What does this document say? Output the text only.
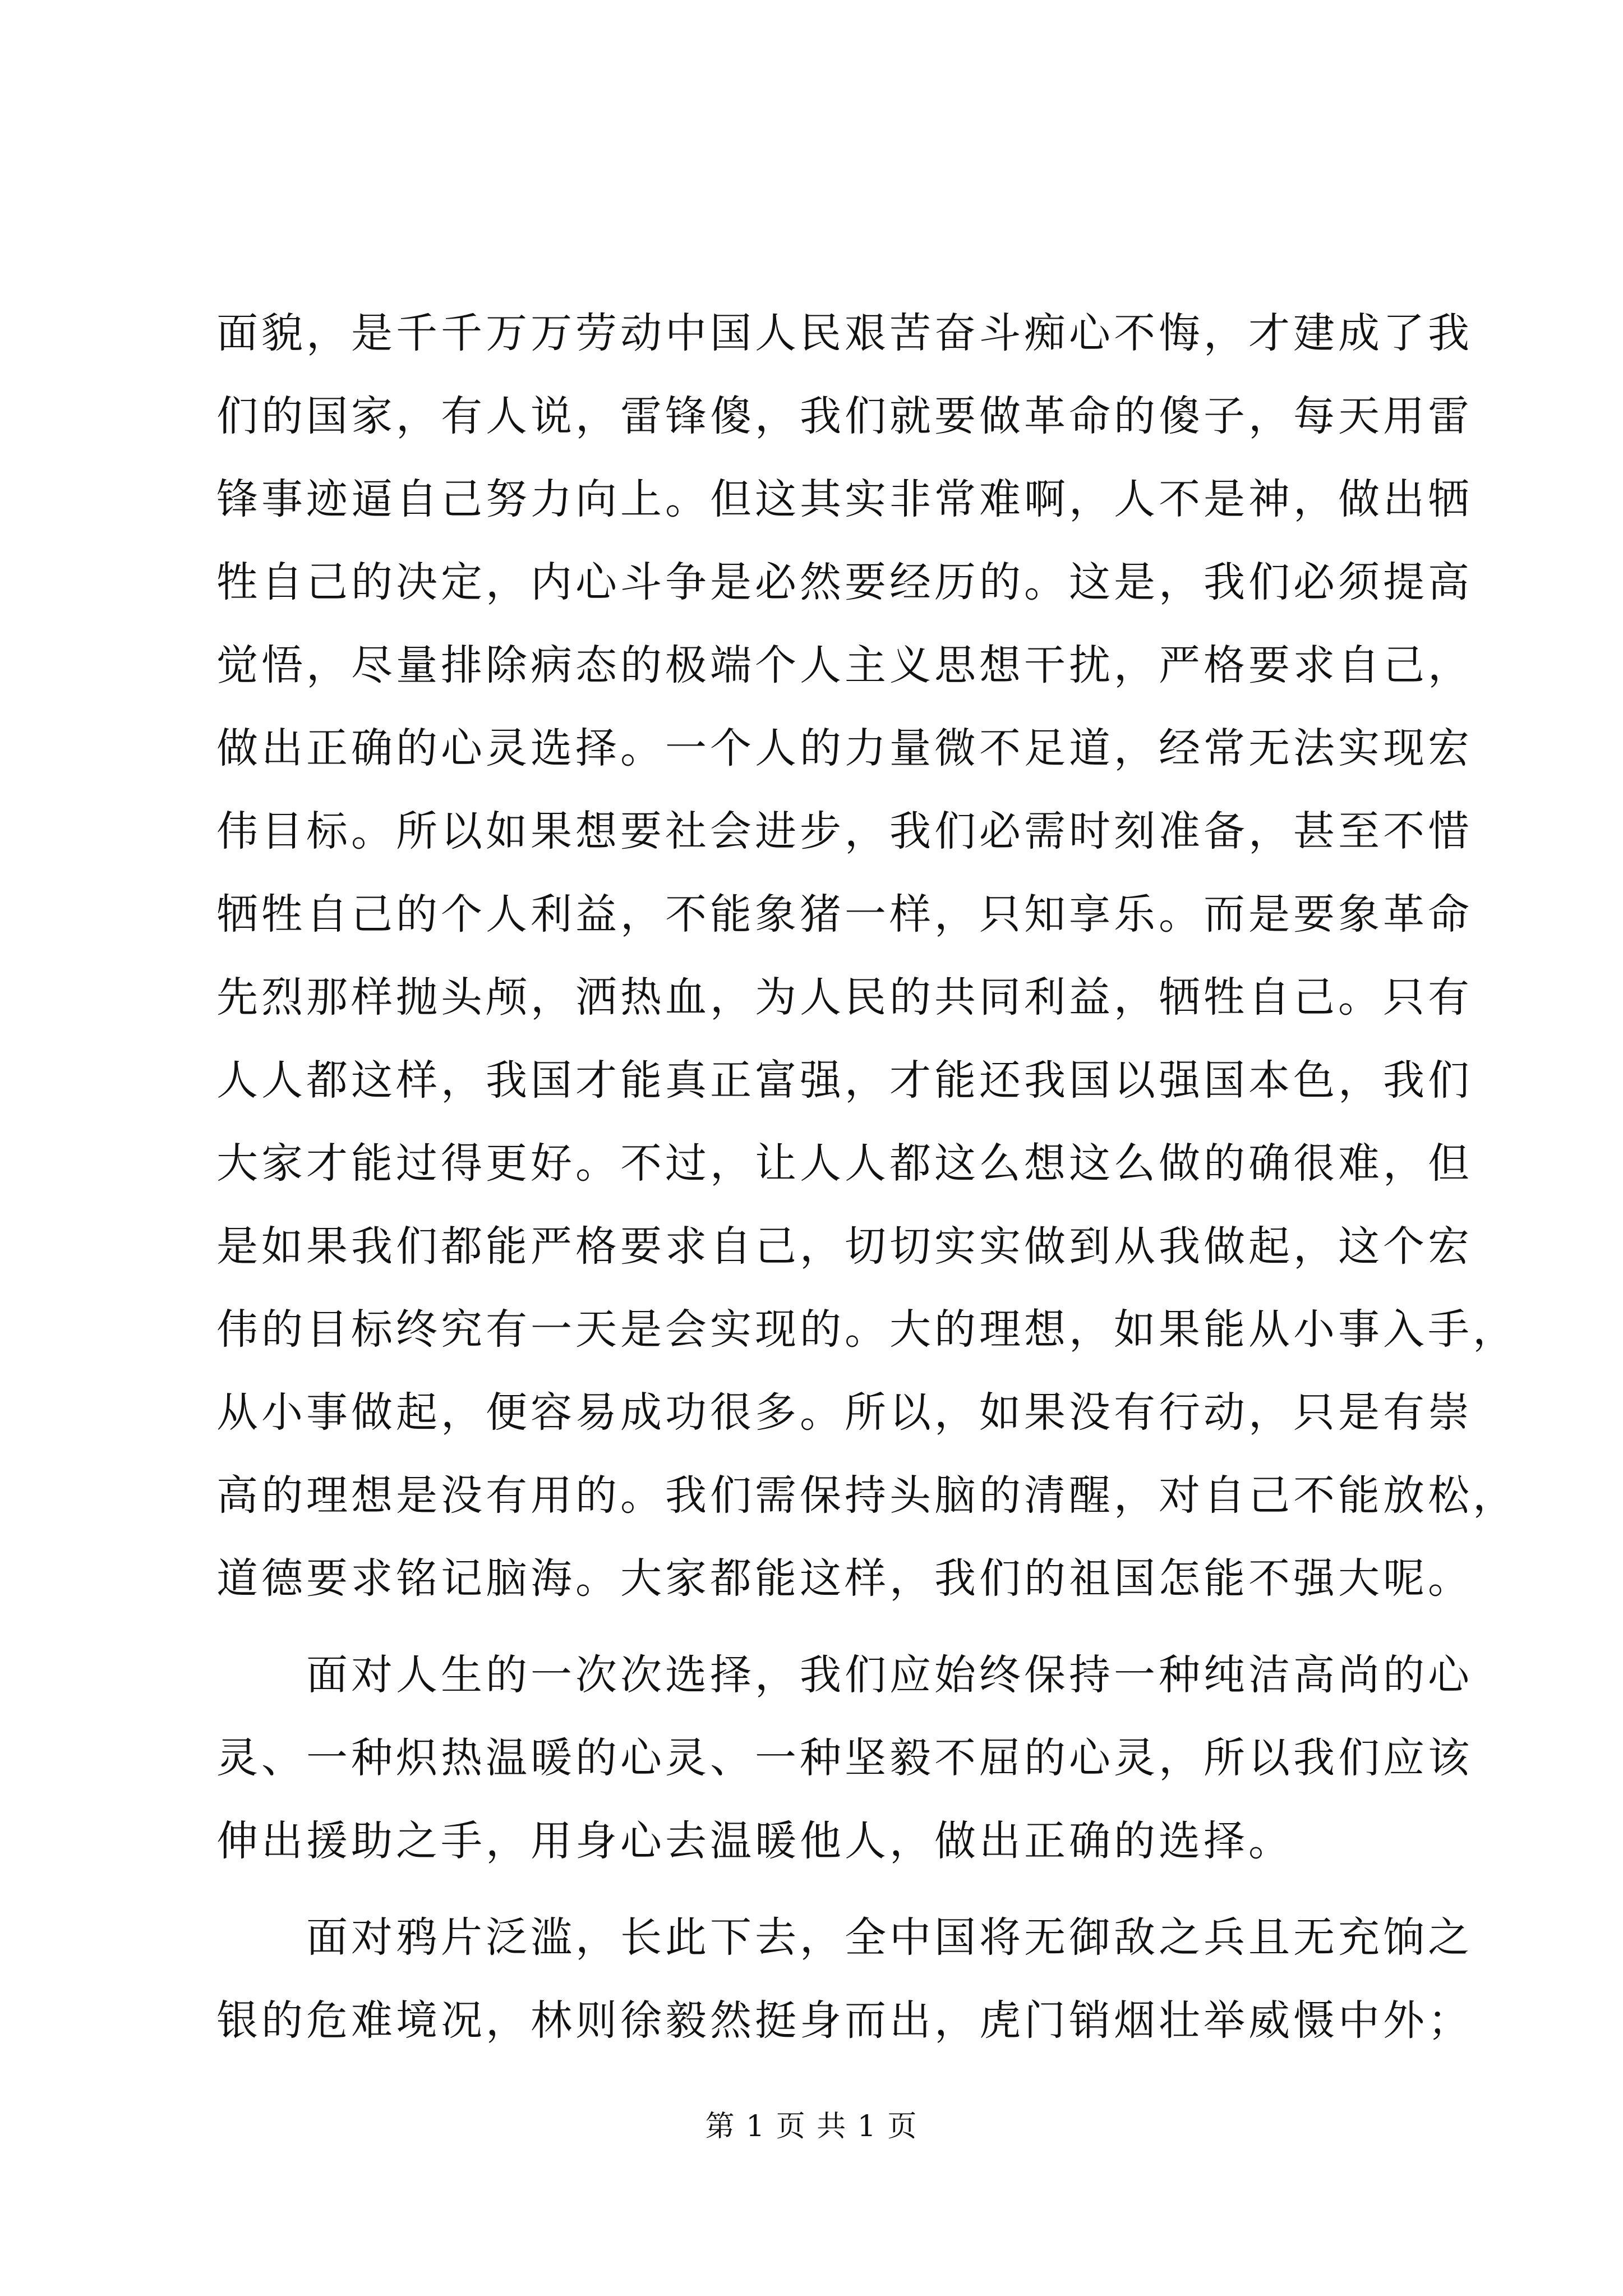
面貌，是千千万万劳动中国人民艰苦奋斗痴心不悔，才建成了我
们的国家，有人说，雷锋傻，我们就要做革命的傻子，每天用雷
锋事迹逼自己努力向上。但这其实非常难啊，人不是神，做出牺
牲自己的决定，内心斗争是必然要经历的。这是，我们必须提高
觉悟，尽量排除病态的极端个人主义思想干扰，严格要求自己，
做出正确的心灵选择。一个人的力量微不足道，经常无法实现宏
伟目标。所以如果想要社会进步，我们必需时刻准备，甚至不惜
牺牲自己的个人利益，不能象猪一样，只知享乐。而是要象革命
先烈那样抛头颅，洒热血，为人民的共同利益，牺牲自己。只有
人人都这样，我国才能真正富强，才能还我国以强国本色，我们
大家才能过得更好。不过，让人人都这么想这么做的确很难，但
是如果我们都能严格要求自己，切切实实做到从我做起，这个宏
伟的目标终究有一天是会实现的。大的理想，如果能从小事入手，
从小事做起，便容易成功很多。所以，如果没有行动，只是有崇
高的理想是没有用的。我们需保持头脑的清醒，对自己不能放松，
道德要求铭记脑海。大家都能这样，我们的祖国怎能不强大呢。
面对人生的一次次选择，我们应始终保持一种纯洁高尚的心
灵、一种炽热温暖的心灵、一种坚毅不屈的心灵，所以我们应该
伸出援助之手，用身心去温暖他人，做出正确的选择。
面对鸦片泛滥，长此下去，全中国将无御敌之兵且无充饷之
银的危难境况，林则徐毅然挺身而出，虎门销烟壮举威慑中外；
第 1 页 共 1 页
